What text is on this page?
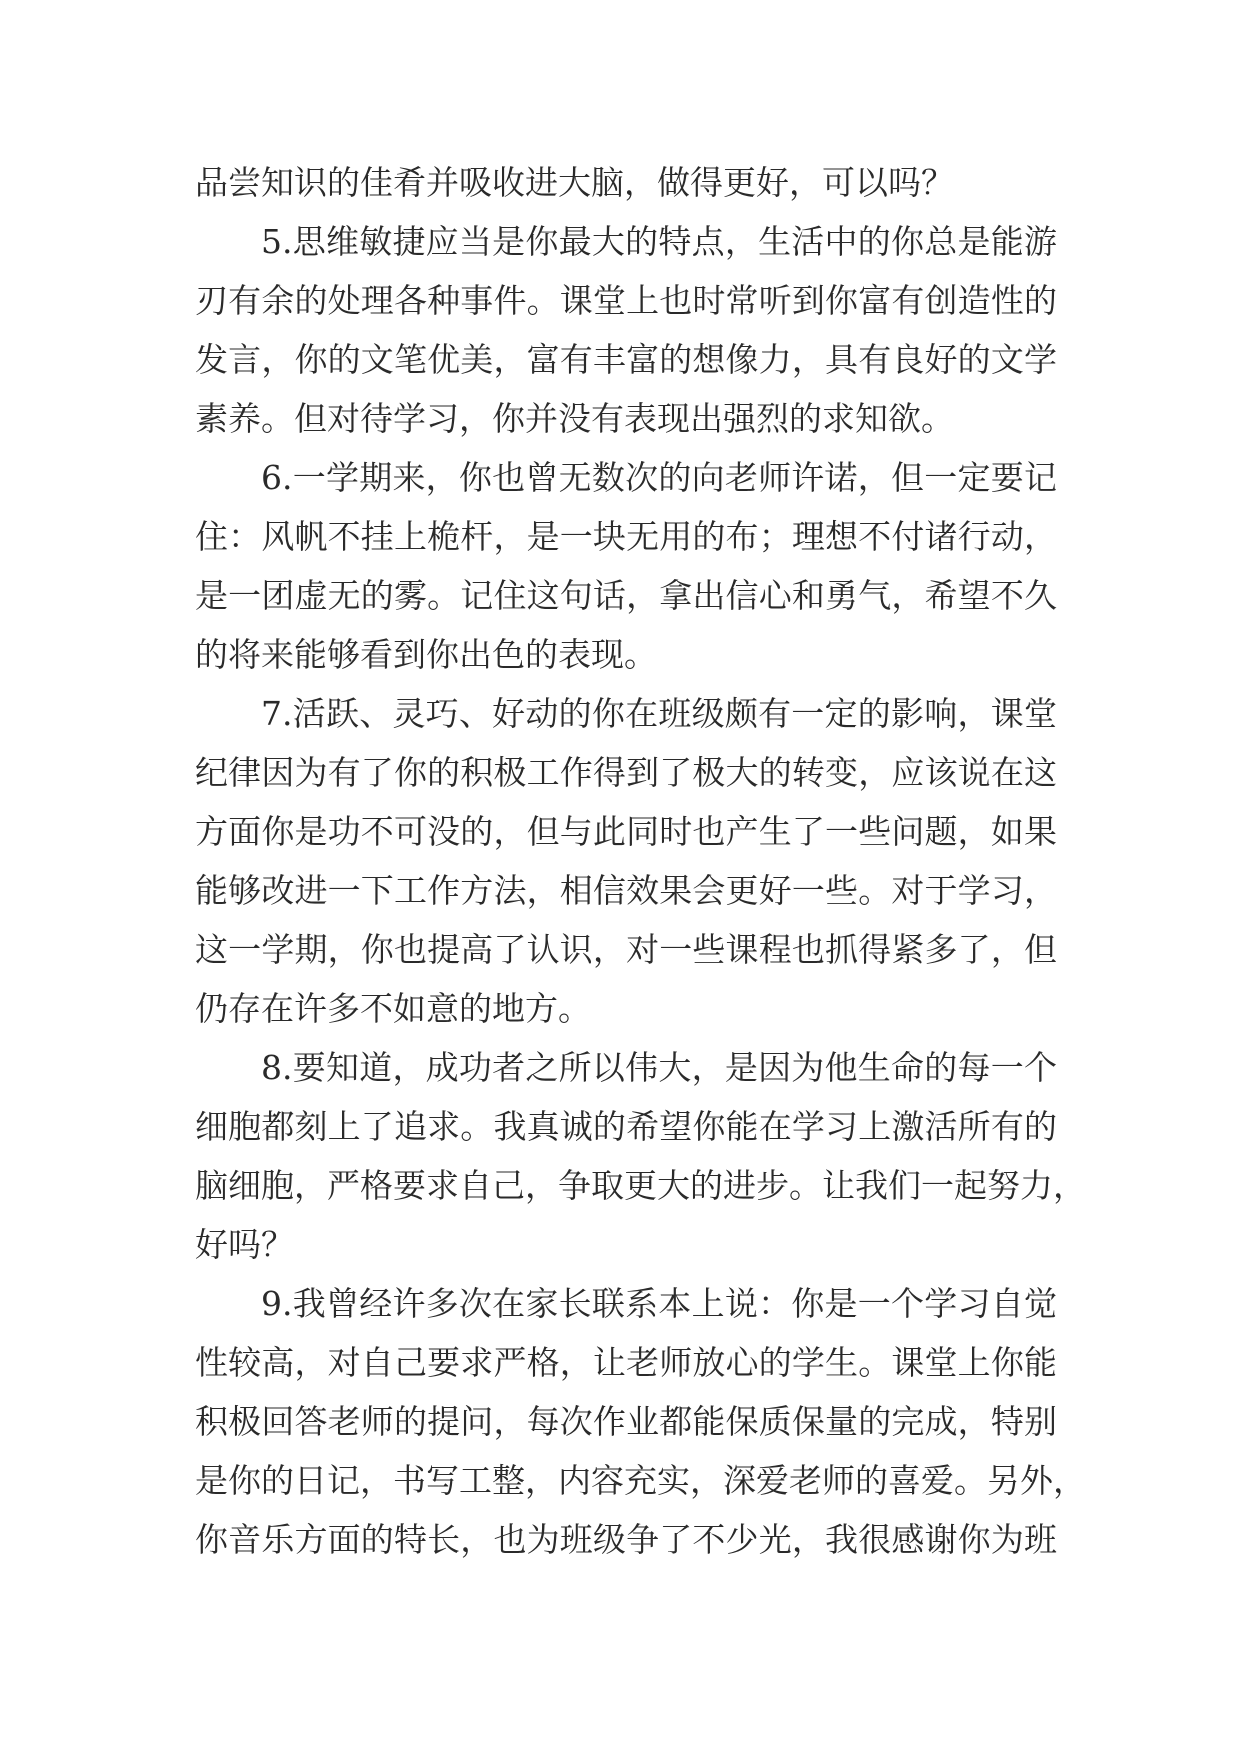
品尝知识的佳肴并吸收进大脑，做得更好，可以吗？
5.思维敏捷应当是你最大的特点，生活中的你总是能游
刃有余的处理各种事件。课堂上也时常听到你富有创造性的
发言，你的文笔优美，富有丰富的想像力，具有良好的文学
素养。但对待学习，你并没有表现出强烈的求知欲。
6.一学期来，你也曾无数次的向老师许诺，但一定要记
住：风帆不挂上桅杆，是一块无用的布；理想不付诸行动，
是一团虚无的雾。记住这句话，拿出信心和勇气，希望不久
的将来能够看到你出色的表现。
7.活跃、灵巧、好动的你在班级颇有一定的影响，课堂
纪律因为有了你的积极工作得到了极大的转变，应该说在这
方面你是功不可没的，但与此同时也产生了一些问题，如果
能够改进一下工作方法，相信效果会更好一些。对于学习，
这一学期，你也提高了认识，对一些课程也抓得紧多了，但
仍存在许多不如意的地方。
8.要知道，成功者之所以伟大，是因为他生命的每一个
细胞都刻上了追求。我真诚的希望你能在学习上激活所有的
脑细胞，严格要求自己，争取更大的进步。让我们一起努力，
好吗？
9.我曾经许多次在家长联系本上说：你是一个学习自觉
性较高，对自己要求严格，让老师放心的学生。课堂上你能
积极回答老师的提问，每次作业都能保质保量的完成，特别
是你的日记，书写工整，内容充实，深爱老师的喜爱。另外，
你音乐方面的特长，也为班级争了不少光，我很感谢你为班
